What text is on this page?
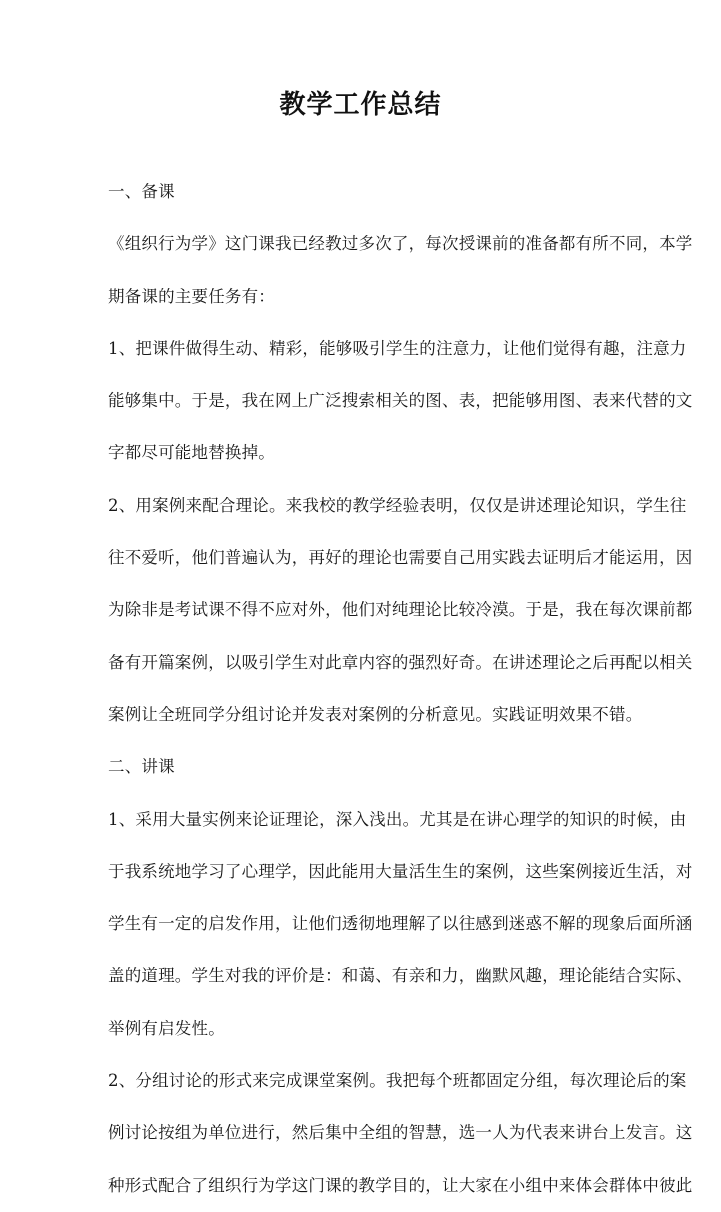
教学工作总结
一、备课
《组织行为学》这门课我已经教过多次了，每次授课前的准备都有所不同，本学
期备课的主要任务有：
1、把课件做得生动、精彩，能够吸引学生的注意力，让他们觉得有趣，注意力
能够集中。于是，我在网上广泛搜索相关的图、表，把能够用图、表来代替的文
字都尽可能地替换掉。
2、用案例来配合理论。来我校的教学经验表明，仅仅是讲述理论知识，学生往
往不爱听，他们普遍认为，再好的理论也需要自己用实践去证明后才能运用，因
为除非是考试课不得不应对外，他们对纯理论比较冷漠。于是，我在每次课前都
备有开篇案例，以吸引学生对此章内容的强烈好奇。在讲述理论之后再配以相关
案例让全班同学分组讨论并发表对案例的分析意见。实践证明效果不错。
二、讲课
1、采用大量实例来论证理论，深入浅出。尤其是在讲心理学的知识的时候，由
于我系统地学习了心理学，因此能用大量活生生的案例，这些案例接近生活，对
学生有一定的启发作用，让他们透彻地理解了以往感到迷惑不解的现象后面所涵
盖的道理。学生对我的评价是：和蔼、有亲和力，幽默风趣，理论能结合实际、
举例有启发性。
2、分组讨论的形式来完成课堂案例。我把每个班都固定分组，每次理论后的案
例讨论按组为单位进行，然后集中全组的智慧，选一人为代表来讲台上发言。这
种形式配合了组织行为学这门课的教学目的，让大家在小组中来体会群体中彼此
